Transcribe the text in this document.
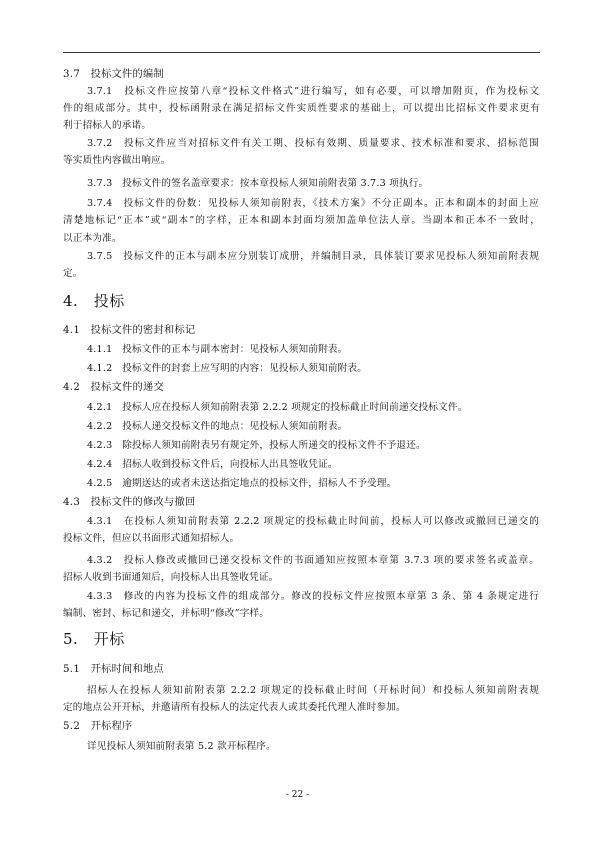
3.7　投标文件的编制
3.7.1　投标文件应按第八章“投标文件格式”进行编写，如有必要，可以增加附页，作为投标文
件的组成部分。其中，投标函附录在满足招标文件实质性要求的基础上，可以提出比招标文件要求更有
利于招标人的承诺。
3.7.2　投标文件应当对招标文件有关工期、投标有效期、质量要求、技术标准和要求、招标范围
等实质性内容做出响应。
3.7.3　投标文件的签名盖章要求：按本章投标人须知前附表第 3.7.3 项执行。
3.7.4　投标文件的份数：见投标人须知前附表，《技术方案》不分正副本。正本和副本的封面上应
清楚地标记“正本”或“副本”的字样，正本和副本封面均须加盖单位法人章。当副本和正本不一致时，
以正本为准。
3.7.5　投标文件的正本与副本应分别装订成册，并编制目录，具体装订要求见投标人须知前附表规
定。
4.　投标
4.1　投标文件的密封和标记
4.1.1　投标文件的正本与副本密封：见投标人须知前附表。
4.1.2　投标文件的封套上应写明的内容：见投标人须知前附表。
4.2　投标文件的递交
4.2.1　投标人应在投标人须知前附表第 2.2.2 项规定的投标截止时间前递交投标文件。
4.2.2　投标人递交投标文件的地点：见投标人须知前附表。
4.2.3　除投标人须知前附表另有规定外，投标人所递交的投标文件不予退还。
4.2.4　招标人收到投标文件后，向投标人出具签收凭证。
4.2.5　逾期送达的或者未送达指定地点的投标文件，招标人不予受理。
4.3　投标文件的修改与撤回
4.3.1　在投标人须知前附表第 2.2.2 项规定的投标截止时间前，投标人可以修改或撤回已递交的
投标文件，但应以书面形式通知招标人。
4.3.2　投标人修改或撤回已递交投标文件的书面通知应按照本章第 3.7.3 项的要求签名或盖章。
招标人收到书面通知后，向投标人出具签收凭证。
4.3.3　修改的内容为投标文件的组成部分。修改的投标文件应按照本章第 3 条、第 4 条规定进行
编制、密封、标记和递交，并标明“修改”字样。
5.　开标
5.1　开标时间和地点
招标人在投标人须知前附表第 2.2.2 项规定的投标截止时间（开标时间）和投标人须知前附表规
定的地点公开开标，并邀请所有投标人的法定代表人或其委托代理人准时参加。
5.2　开标程序
详见投标人须知前附表第 5.2 款开标程序。
- 22 -
